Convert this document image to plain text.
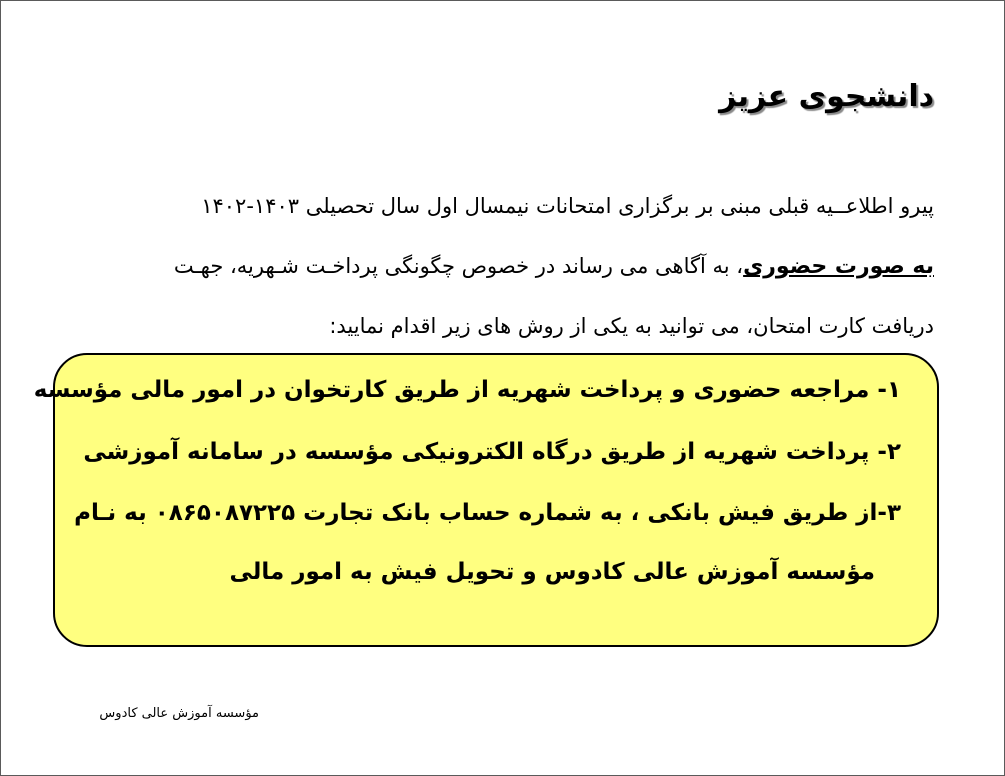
دانشجوی عزیز
پیرو اطلاعــیه قبلی مبنی بر برگزاری امتحانات نیمسال اول سال تحصیلی ۱۴۰۳-۱۴۰۲
به صورت حضوری، به آگاهی می رساند در خصوص چگونگی پرداخـت شـهریه، جهـت
دریافت کارت امتحان، می توانید به یکی از روش های زیر اقدام نمایید:
۱- مراجعه حضوری و پرداخت شهریه از طریق کارتخوان در امور مالی مؤسسه
۲- پرداخت شهریه از طریق درگاه الکترونیکی مؤسسه در سامانه آموزشی
۳-از طریق فیش بانکی ، به شماره حساب بانک تجارت ۰۸۶۵۰۸۷۲۲۵ به نـام
مؤسسه آموزش عالی کادوس و تحویل فیش به امور مالی
مؤسسه آموزش عالی کادوس
